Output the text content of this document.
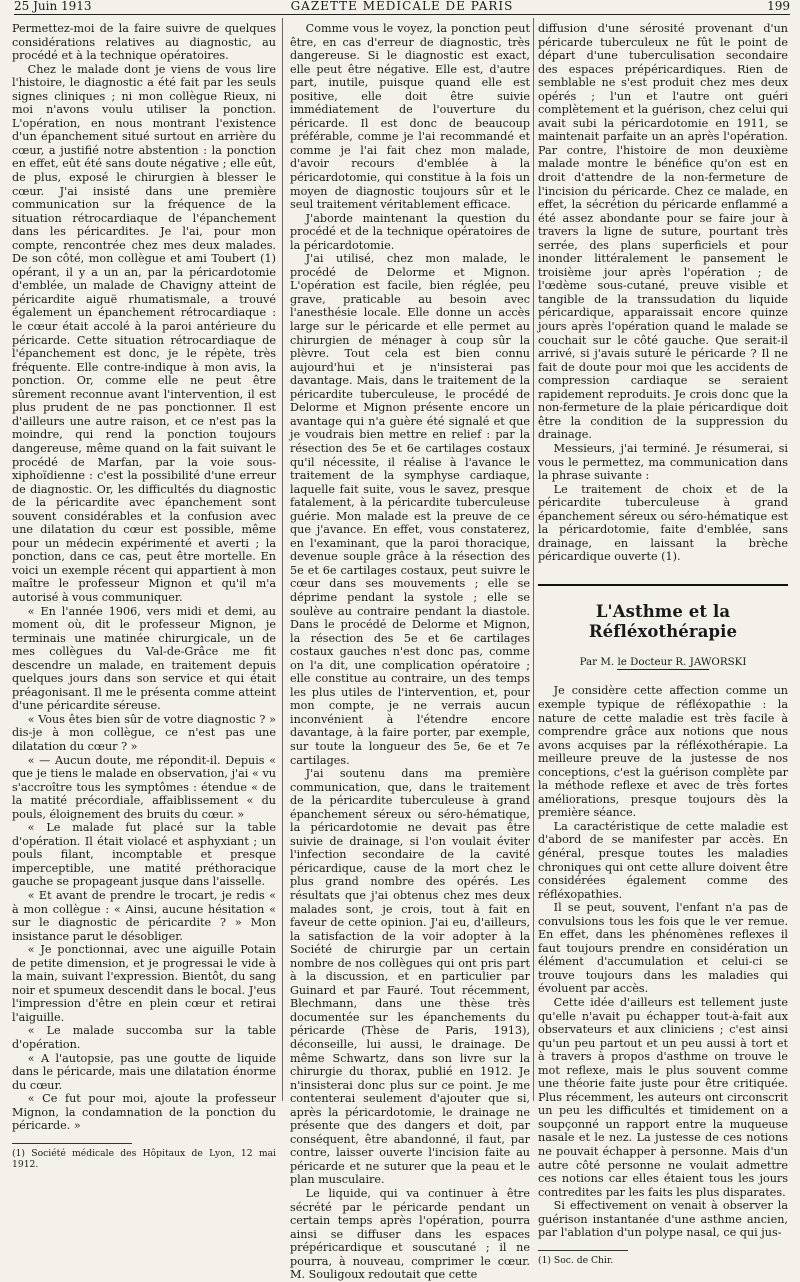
25 Juin 1913	GAZETTE MÉDICALE DE PARIS	199

Permettez-moi de la faire suivre de quelques considérations relatives au diagnostic, au procédé et à la technique opératoires.

Chez le malade dont je viens de vous lire l'histoire, le diagnostic a été fait par les seuls signes cliniques ; ni mon collègue Rieux, ni moi n'avons voulu utiliser la ponction. L'opération, en nous montrant l'existence d'un épanchement situé surtout en arrière du cœur, a justifié notre abstention : la ponction en effet, eût été sans doute négative ; elle eût, de plus, exposé le chirurgien à blesser le cœur. J'ai insisté dans une première communication sur la fréquence de la situation rétrocardiaque de l'épanchement dans les péricardites. Je l'ai, pour mon compte, rencontrée chez mes deux malades. De son côté, mon collègue et ami Toubert (1) opérant, il y a un an, par la péricardotomie d'emblée, un malade de Chavigny atteint de péricardite aiguë rhumatismale, a trouvé également un épanchement rétrocardiaque : le cœur était accolé à la paroi antérieure du péricarde. Cette situation rétrocardiaque de l'épanchement est donc, je le répète, très fréquente. Elle contre-indique à mon avis, la ponction. Or, comme elle ne peut être sûrement reconnue avant l'intervention, il est plus prudent de ne pas ponctionner. Il est d'ailleurs une autre raison, et ce n'est pas la moindre, qui rend la ponction toujours dangereuse, même quand on la fait suivant le procédé de Marfan, par la voie sous-xiphoïdienne : c'est la possibilité d'une erreur de diagnostic. Or, les difficultés du diagnostic de la péricardite avec épanchement sont souvent considérables et la confusion avec une dilatation du cœur est possible, même pour un médecin expérimenté et averti ; la ponction, dans ce cas, peut être mortelle. En voici un exemple récent qui appartient à mon maître le professeur Mignon et qu'il m'a autorisé à vous communiquer.

« En l'année 1906, vers midi et demi, au moment où, dit le professeur Mignon, je terminais une matinée chirurgicale, un de mes collègues du Val-de-Grâce me fit descendre un malade, en traitement depuis quelques jours dans son service et qui était préagonisant. Il me le présenta comme atteint d'une péricardite séreuse.

« Vous êtes bien sûr de votre diagnostic ? » dis-je à mon collègue, ce n'est pas une dilatation du cœur ? »

« — Aucun doute, me répondit-il. Depuis « que je tiens le malade en observation, j'ai « vu s'accroître tous les symptômes : étendue « de la matité précordiale, affaiblissement « du pouls, éloignement des bruits du cœur. »

« Le malade fut placé sur la table d'opération. Il était violacé et asphyxiant ; un pouls filant, incomptable et presque imperceptible, une matité préthoracique gauche se propageant jusque dans l'aisselle.

« Et avant de prendre le trocart, je redis « à mon collègue : « Ainsi, aucune hésitation « sur le diagnostic de péricardite ? » Mon insistance parut le désobliger.

« Je ponctionnai, avec une aiguille Potain de petite dimension, et je progressai le vide à la main, suivant l'expression. Bientôt, du sang noir et spumeux descendit dans le bocal. J'eus l'impression d'être en plein cœur et retirai l'aiguille.

« Le malade succomba sur la table d'opération.

« A l'autopsie, pas une goutte de liquide dans le péricarde, mais une dilatation énorme du cœur.

« Ce fut pour moi, ajoute la professeur Mignon, la condamnation de la ponction du péricarde. »

(1) Société médicale des Hôpitaux de Lyon, 12 mai 1912.

Comme vous le voyez, la ponction peut être, en cas d'erreur de diagnostic, très dangereuse. Si le diagnostic est exact, elle peut être négative. Elle est, d'autre part, inutile, puisque quand elle est positive, elle doit être suivie immédiatement de l'ouverture du péricarde. Il est donc de beaucoup préférable, comme je l'ai recommandé et comme je l'ai fait chez mon malade, d'avoir recours d'emblée à la péricardotomie, qui constitue à la fois un moyen de diagnostic toujours sûr et le seul traitement véritablement efficace.

J'aborde maintenant la question du procédé et de la technique opératoires de la péricardotomie.

J'ai utilisé, chez mon malade, le procédé de Delorme et Mignon. L'opération est facile, bien réglée, peu grave, praticable au besoin avec l'anesthésie locale. Elle donne un accès large sur le péricarde et elle permet au chirurgien de ménager à coup sûr la plèvre. Tout cela est bien connu aujourd'hui et je n'insisterai pas davantage. Mais, dans le traitement de la péricardite tuberculeuse, le procédé de Delorme et Mignon présente encore un avantage qui n'a guère été signalé et que je voudrais bien mettre en relief : par la résection des 5e et 6e cartilages costaux qu'il nécessite, il réalise à l'avance le traitement de la symphyse cardiaque, laquelle fait suite, vous le savez, presque fatalement, à la péricardite tuberculeuse guérie. Mon malade est la preuve de ce que j'avance. En effet, vous constaterez, en l'examinant, que la paroi thoracique, devenue souple grâce à la résection des 5e et 6e cartilages costaux, peut suivre le cœur dans ses mouvements ; elle se déprime pendant la systole ; elle se soulève au contraire pendant la diastole. Dans le procédé de Delorme et Mignon, la résection des 5e et 6e cartilages costaux gauches n'est donc pas, comme on l'a dit, une complication opératoire ; elle constitue au contraire, un des temps les plus utiles de l'intervention, et, pour mon compte, je ne verrais aucun inconvénient à l'étendre encore davantage, à la faire porter, par exemple, sur toute la longueur des 5e, 6e et 7e cartilages.

J'ai soutenu dans ma première communication, que, dans le traitement de la péricardite tuberculeuse à grand épanchement séreux ou séro-hématique, la péricardotomie ne devait pas être suivie de drainage, si l'on voulait éviter l'infection secondaire de la cavité péricardique, cause de la mort chez le plus grand nombre des opérés. Les résultats que j'ai obtenus chez mes deux malades sont, je crois, tout à fait en faveur de cette opinion. J'ai eu, d'ailleurs, la satisfaction de la voir adopter à la Société de chirurgie par un certain nombre de nos collègues qui ont pris part à la discussion, et en particulier par Guinard et par Fauré. Tout récemment, Blechmann, dans une thèse très documentée sur les épanchements du péricarde (Thèse de Paris, 1913), déconseille, lui aussi, le drainage. De même Schwartz, dans son livre sur la chirurgie du thorax, publié en 1912. Je n'insisterai donc plus sur ce point. Je me contenterai seulement d'ajouter que si, après la péricardotomie, le drainage ne présente que des dangers et doit, par conséquent, être abandonné, il faut, par contre, laisser ouverte l'incision faite au péricarde et ne suturer que la peau et le plan musculaire.

Le liquide, qui va continuer à être sécrété par le péricarde pendant un certain temps après l'opération, pourra ainsi se diffuser dans les espaces prépéricardique et souscutané ; il ne pourra, à nouveau, comprimer le cœur. M. Souligoux redoutait que cette

diffusion d'une sérosité provenant d'un péricarde tuberculeux ne fût le point de départ d'une tuberculisation secondaire des espaces prépéricardiques. Rien de semblable ne s'est produit chez mes deux opérés ; l'un et l'autre ont guéri complètement et la guérison, chez celui qui avait subi la péricardotomie en 1911, se maintenait parfaite un an après l'opération. Par contre, l'histoire de mon deuxième malade montre le bénéfice qu'on est en droit d'attendre de la non-fermeture de l'incision du péricarde. Chez ce malade, en effet, la sécrétion du péricarde enflammé a été assez abondante pour se faire jour à travers la ligne de suture, pourtant très serrée, des plans superficiels et pour inonder littéralement le pansement le troisième jour après l'opération ; de l'œdème sous-cutané, preuve visible et tangible de la transsudation du liquide péricardique, apparaissait encore quinze jours après l'opération quand le malade se couchait sur le côté gauche. Que serait-il arrivé, si j'avais suturé le péricarde ? Il ne fait de doute pour moi que les accidents de compression cardiaque se seraient rapidement reproduits. Je crois donc que la non-fermeture de la plaie péricardique doit être la condition de la suppression du drainage.

Messieurs, j'ai terminé. Je résumerai, si vous le permettez, ma communication dans la phrase suivante :

Le traitement de choix et de la péricardite tuberculeuse à grand épanchement séreux ou séro-hématique est la péricardotomie, faite d'emblée, sans drainage, en laissant la brèche péricardique ouverte (1).

L'Asthme et la Réfléxothérapie

Par M. le Docteur R. JAWORSKI

Je considère cette affection comme un exemple typique de réfléxopathie : la nature de cette maladie est très facile à comprendre grâce aux notions que nous avons acquises par la réfléxothérapie. La meilleure preuve de la justesse de nos conceptions, c'est la guérison complète par la méthode reflexe et avec de très fortes améliorations, presque toujours dès la première séance.

La caractéristique de cette maladie est d'abord de se manifester par accès. En général, presque toutes les maladies chroniques qui ont cette allure doivent être considérées également comme des réfléxopathies.

Il se peut, souvent, l'enfant n'a pas de convulsions tous les fois que le ver remue. En effet, dans les phénomènes reflexes il faut toujours prendre en considération un élément d'accumulation et celui-ci se trouve toujours dans les maladies qui évoluent par accès.

Cette idée d'ailleurs est tellement juste qu'elle n'avait pu échapper tout-à-fait aux observateurs et aux cliniciens ; c'est ainsi qu'un peu partout et un peu aussi à tort et à travers à propos d'asthme on trouve le mot reflexe, mais le plus souvent comme une théorie faite juste pour être critiquée. Plus récemment, les auteurs ont circonscrit un peu les difficultés et timidement on a soupçonné un rapport entre la muqueuse nasale et le nez. La justesse de ces notions ne pouvait échapper à personne. Mais d'un autre côté personne ne voulait admettre ces notions car elles étaient tous les jours contredites par les faits les plus disparates.

Si effectivement on venait à observer la guérison instantanée d'une asthme ancien, par l'ablation d'un polype nasal, ce qui jus-

(1) Soc. de Chir.
